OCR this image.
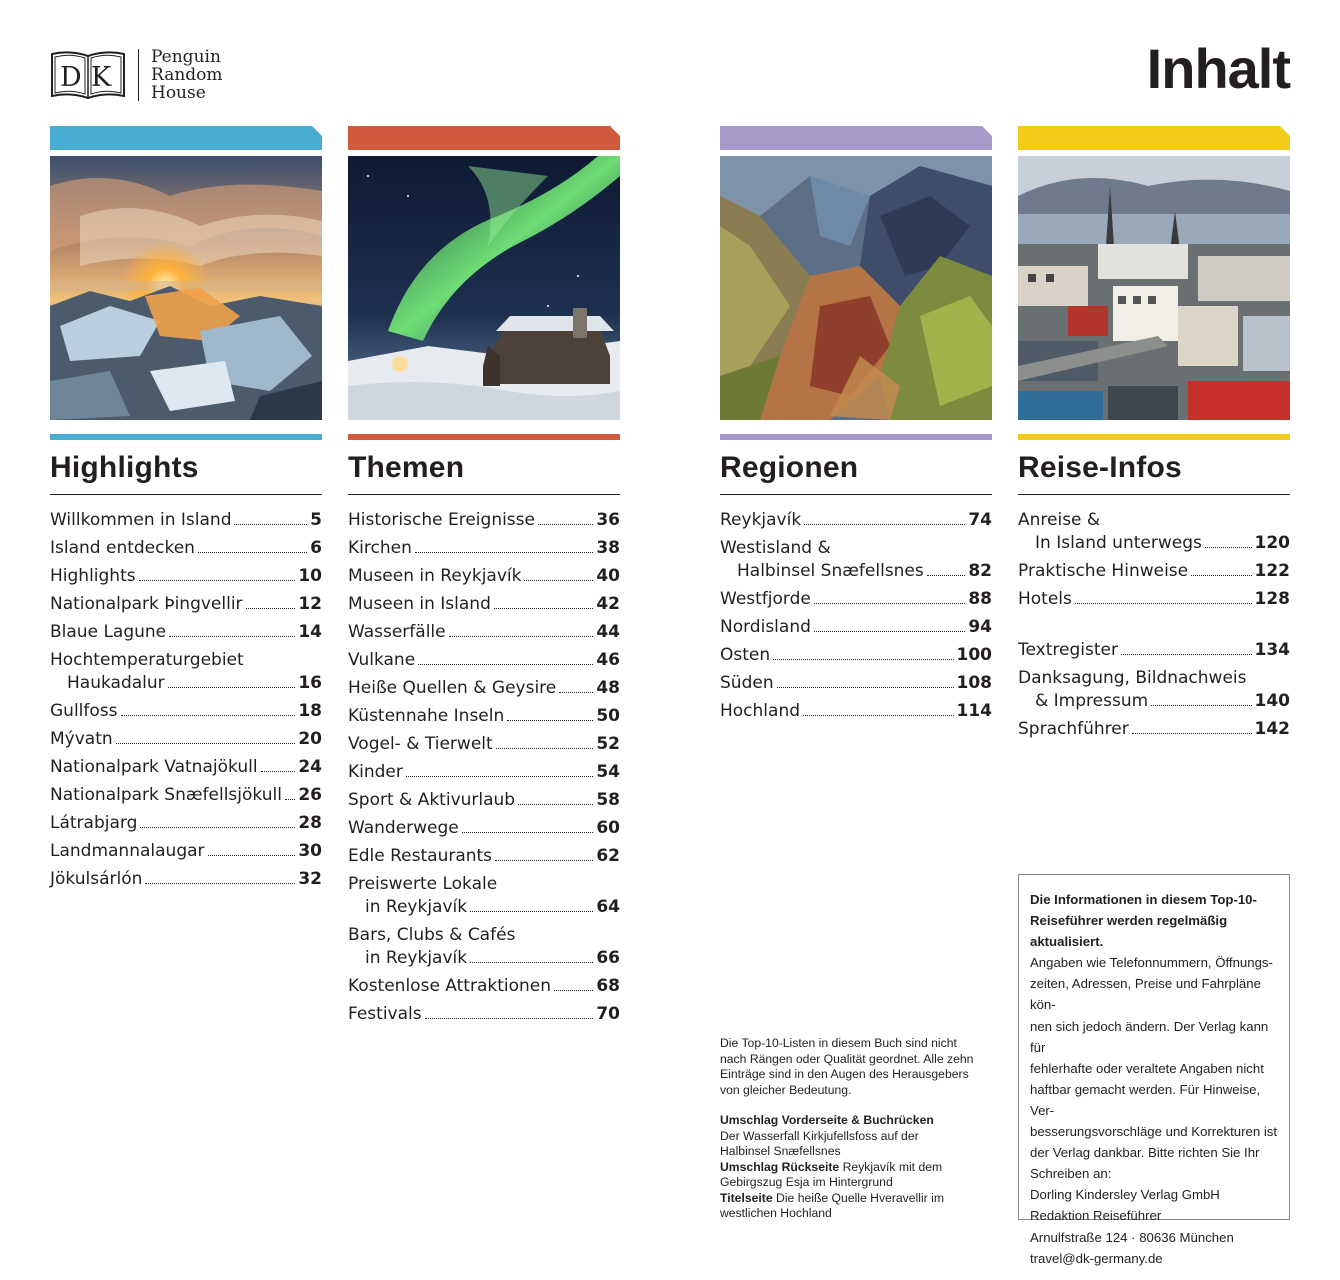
D K
Penguin
Random
House	Inhalt
Highlights
Willkommen in Island	5
Island entdecken	6
Highlights	10
Nationalpark Þingvellir	12
Blaue Lagune	14
Hochtemperaturgebiet
Haukadalur	16
Gullfoss	18
Mývatn	20
Nationalpark Vatnajökull 24
Nationalpark Snæfellsjökull 26
Látrabjarg	28
Landmannalaugar	30
Jökulsárlón	32
Themen
Historische Ereignisse	36
Kirchen	38
Museen in Reykjavík	40
Museen in Island	42
Wasserfälle	44
Vulkane	46
Heiße Quellen & Geysire 48
Küstennahe Inseln	50
Vogel- & Tierwelt	52
Kinder	54
Sport & Aktivurlaub	58
Wanderwege	60
Edle Restaurants	62
Preiswerte Lokale
in Reykjavík	64
Bars, Clubs & Cafés
in Reykjavík	66
Kostenlose Attraktionen	68
Festivals	70
Regionen
Reykjavík	74
Westisland &
Halbinsel Snæfellsnes	82
Westfjorde	88
Nordisland	94
Osten	100
Süden	108
Hochland	114
Reise-Infos
Anreise &
In Island unterwegs	120
Praktische Hinweise	122
Hotels	128
Textregister	134
Danksagung, Bildnachweis
& Impressum	140
Sprachführer	142

Die Top-10-Listen in diesem Buch sind nicht

nach Rängen oder Qualität geordnet. Alle zehn

Einträge sind in den Augen des Herausgebers

von gleicher Bedeutung.

Umschlag Vorderseite & Buchrücken

Der Wasserfall Kirkjufellsfoss auf der

Halbinsel Snæfellsnes

Umschlag Rückseite Reykjavík mit dem

Gebirgszug Esja im Hintergrund

Titelseite Die heiße Quelle Hveravellir im

westlichen Hochland

Die Informationen in diesem Top-10-

Reiseführer werden regelmäßig

aktualisiert.

Angaben wie Telefonnummern, Öffnungs-

zeiten, Adressen, Preise und Fahrpläne kön-

nen sich jedoch ändern. Der Verlag kann für

fehlerhafte oder veraltete Angaben nicht

haftbar gemacht werden. Für Hinweise, Ver-

besserungsvorschläge und Korrekturen ist

der Verlag dankbar. Bitte richten Sie Ihr

Schreiben an:

Dorling Kindersley Verlag GmbH

Redaktion Reiseführer

Arnulfstraße 124 · 80636 München

travel@dk-germany.de
